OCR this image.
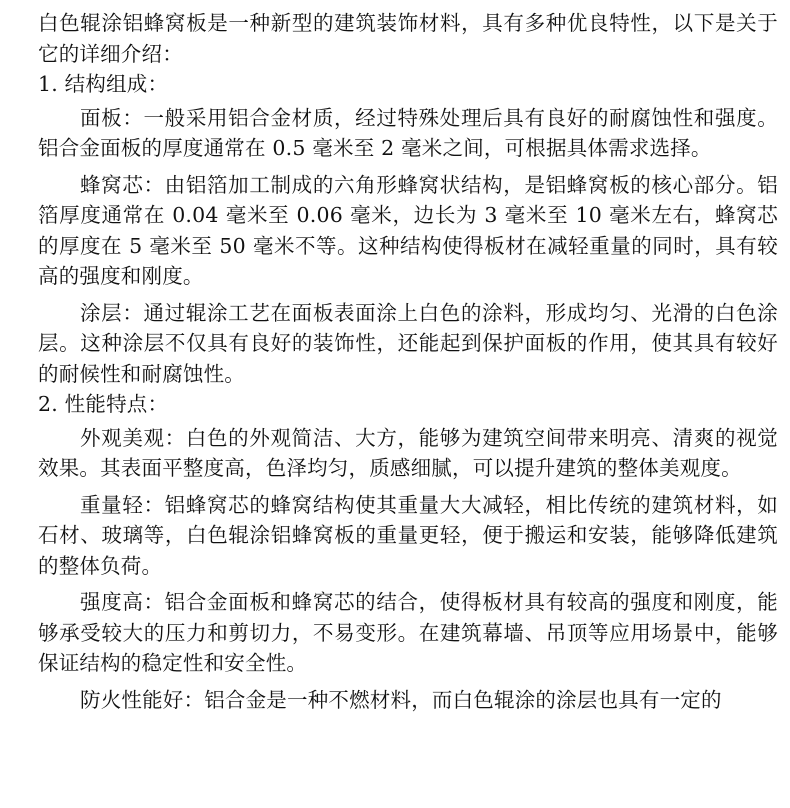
白色辊涂铝蜂窝板是一种新型的建筑装饰材料，具有多种优良特性，以下是关于它的详细介绍：

1. 结构组成：

面板：一般采用铝合金材质，经过特殊处理后具有良好的耐腐蚀性和强度。铝合金面板的厚度通常在 0.5 毫米至 2 毫米之间，可根据具体需求选择。

蜂窝芯：由铝箔加工制成的六角形蜂窝状结构，是铝蜂窝板的核心部分。铝箔厚度通常在 0.04 毫米至 0.06 毫米，边长为 3 毫米至 10 毫米左右，蜂窝芯的厚度在 5 毫米至 50 毫米不等。这种结构使得板材在减轻重量的同时，具有较高的强度和刚度。

涂层：通过辊涂工艺在面板表面涂上白色的涂料，形成均匀、光滑的白色涂层。这种涂层不仅具有良好的装饰性，还能起到保护面板的作用，使其具有较好的耐候性和耐腐蚀性。

2. 性能特点：

外观美观：白色的外观简洁、大方，能够为建筑空间带来明亮、清爽的视觉效果。其表面平整度高，色泽均匀，质感细腻，可以提升建筑的整体美观度。

重量轻：铝蜂窝芯的蜂窝结构使其重量大大减轻，相比传统的建筑材料，如石材、玻璃等，白色辊涂铝蜂窝板的重量更轻，便于搬运和安装，能够降低建筑的整体负荷。

强度高：铝合金面板和蜂窝芯的结合，使得板材具有较高的强度和刚度，能够承受较大的压力和剪切力，不易变形。在建筑幕墙、吊顶等应用场景中，能够保证结构的稳定性和安全性。

防火性能好：铝合金是一种不燃材料，而白色辊涂的涂层也具有一定的
